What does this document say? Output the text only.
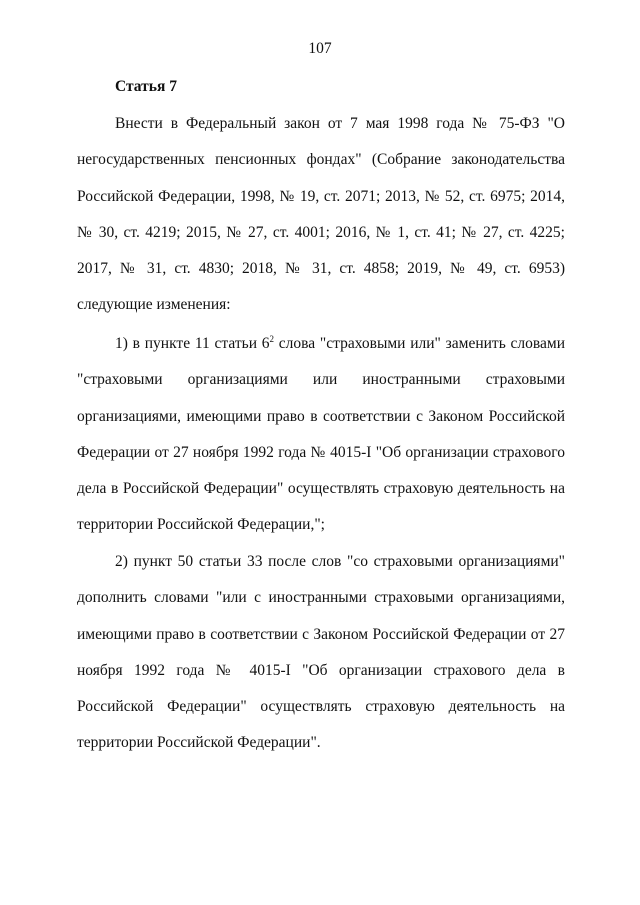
107
Статья 7

Внести в Федеральный закон от 7 мая 1998 года № 75-ФЗ "О негосударственных пенсионных фондах" (Собрание законодательства Российской Федерации, 1998, № 19, ст. 2071; 2013, № 52, ст. 6975; 2014, № 30, ст. 4219; 2015, № 27, ст. 4001; 2016, № 1, ст. 41; № 27, ст. 4225; 2017, № 31, ст. 4830; 2018, № 31, ст. 4858; 2019, № 49, ст. 6953) следующие изменения:

1) в пункте 11 статьи $6^2$ слова "страховыми или" заменить словами "страховыми организациями или иностранными страховыми организациями, имеющими право в соответствии с Законом Российской Федерации от 27 ноября 1992 года № 4015-I "Об организации страхового дела в Российской Федерации" осуществлять страховую деятельность на территории Российской Федерации,";

2) пункт 50 статьи 33 после слов "со страховыми организациями" дополнить словами "или с иностранными страховыми организациями, имеющими право в соответствии с Законом Российской Федерации от 27 ноября 1992 года № 4015-I "Об организации страхового дела в Российской Федерации" осуществлять страховую деятельность на территории Российской Федерации".
